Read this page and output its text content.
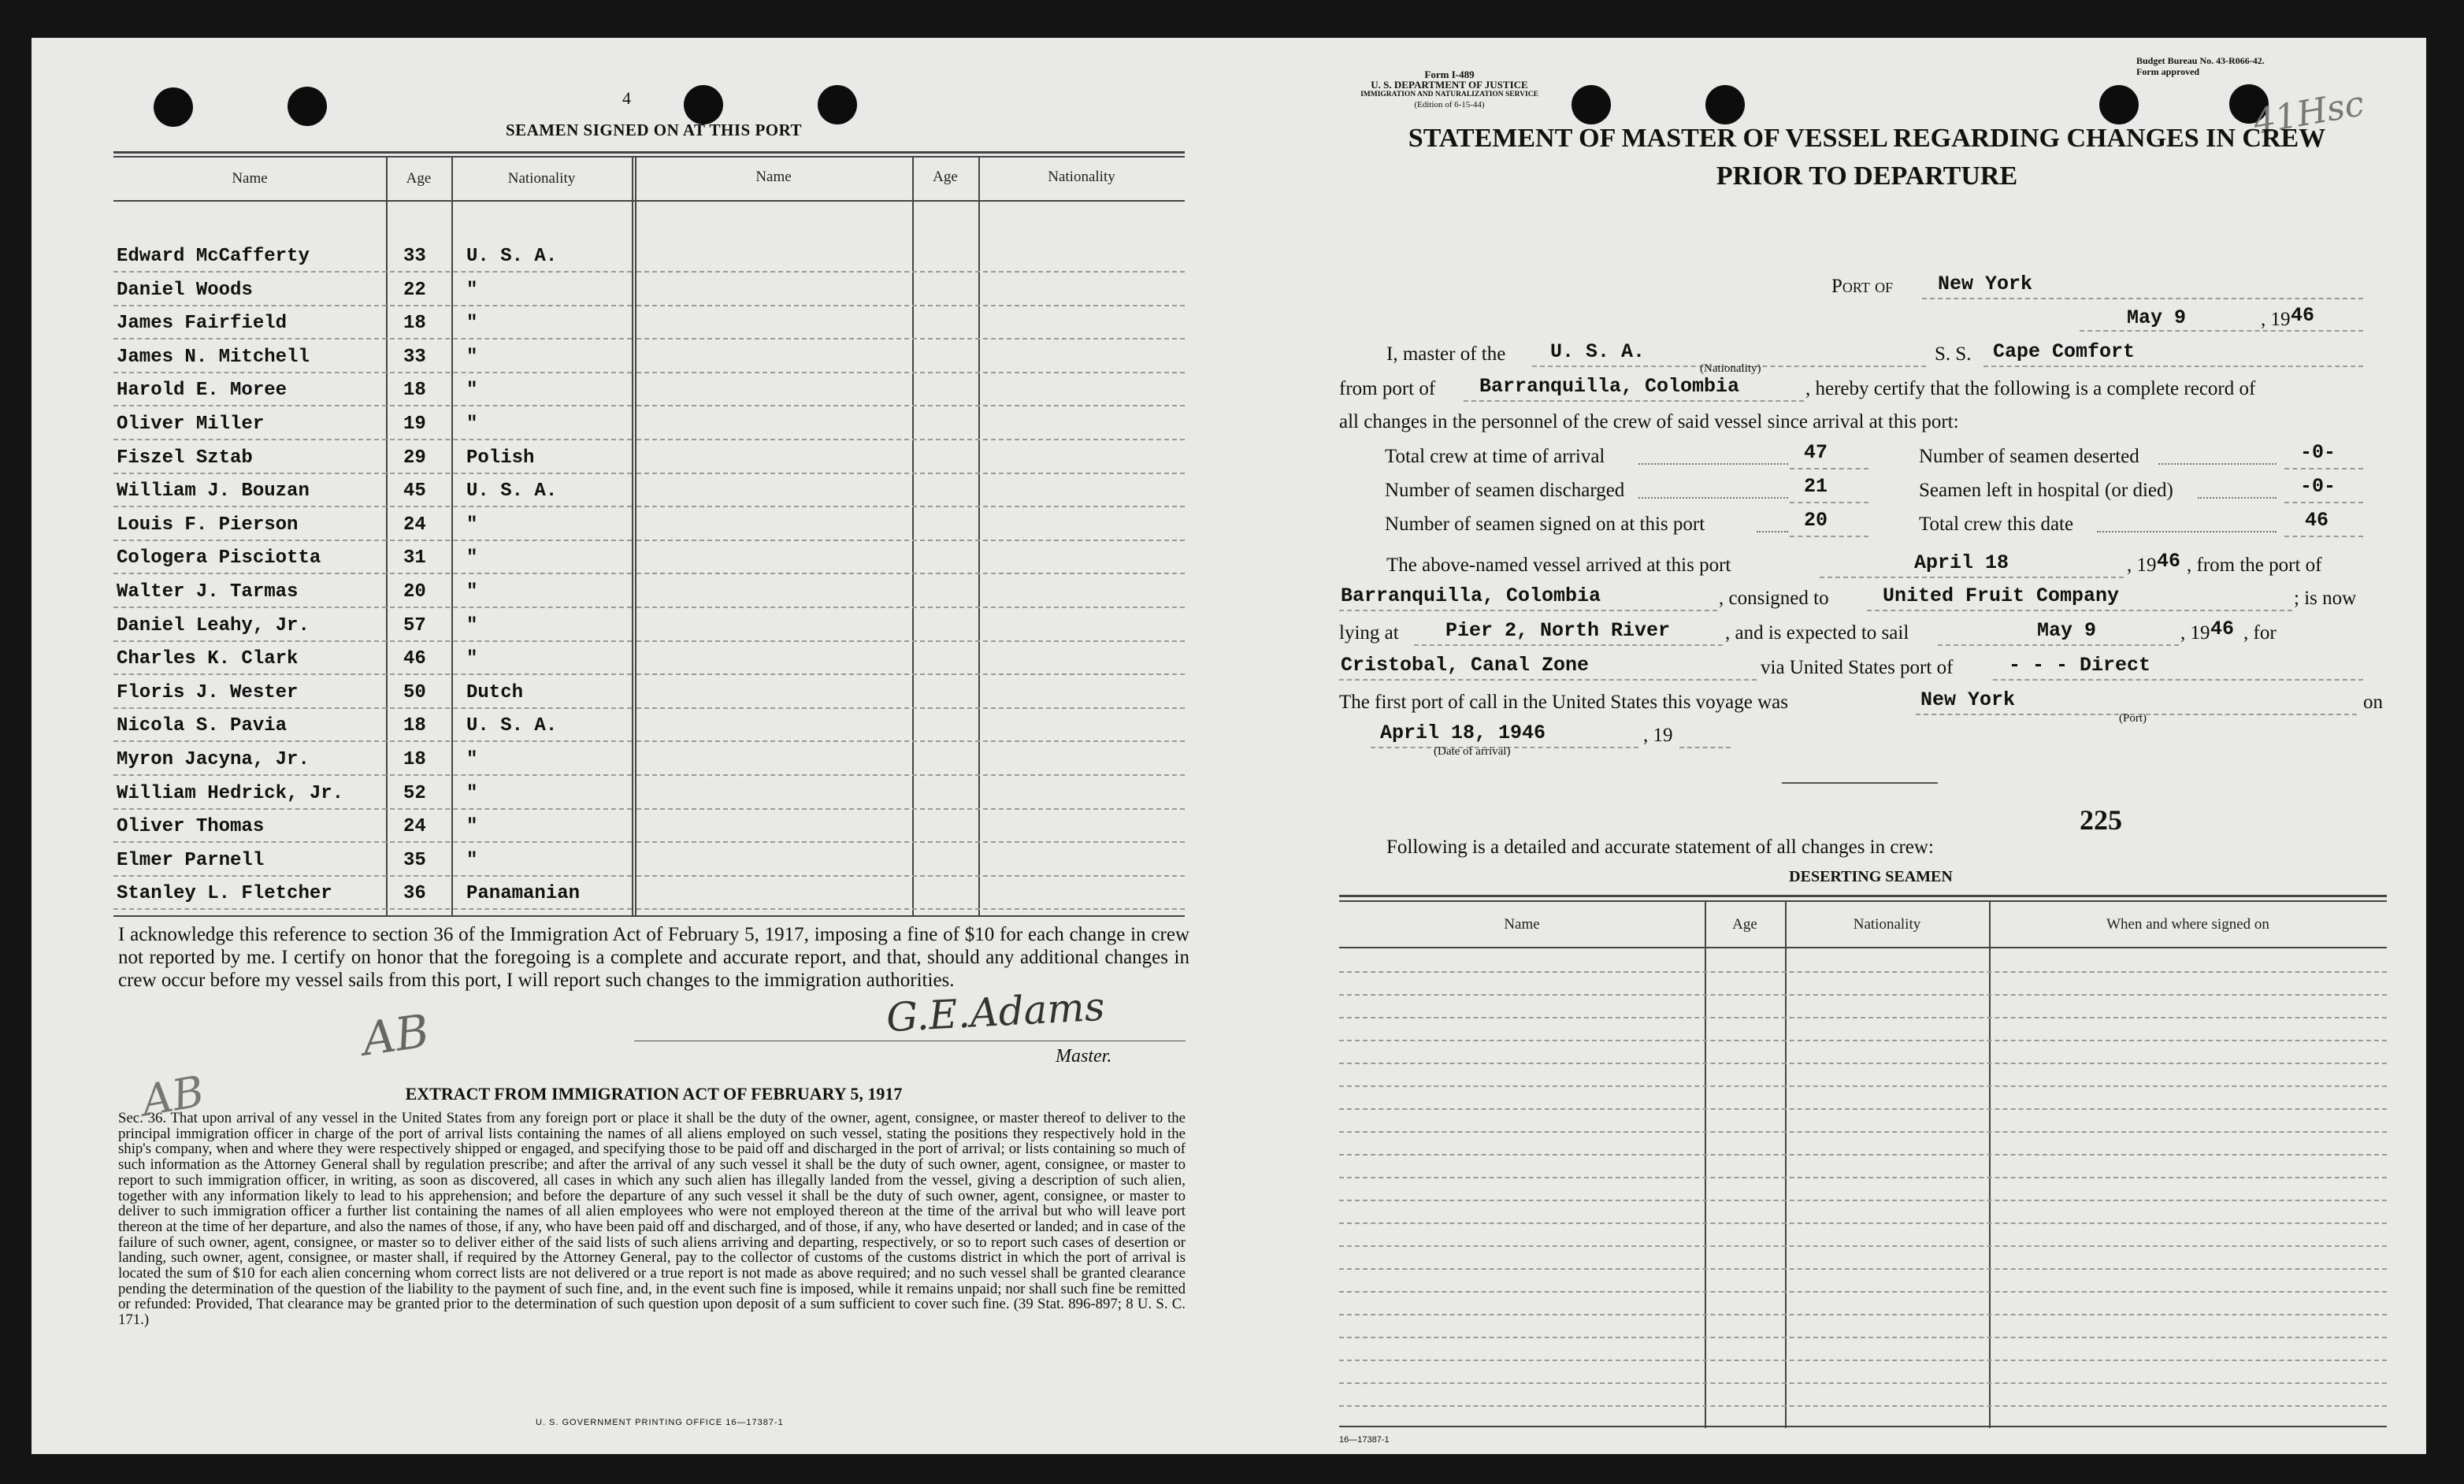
4
SEAMEN SIGNED ON AT THIS PORT
Name	Age	Nationality	Name	Age	Nationality
Edward McCafferty	33 U. S. A.
Daniel Woods	22 "
James Fairfield	18 "
James N. Mitchell	33 "
Harold E. Moree	18 "
Oliver Miller	19 "
Fiszel Sztab	29 Polish
William J. Bouzan	45 U. S. A.
Louis F. Pierson	24 "
Cologera Pisciotta	31 "
Walter J. Tarmas	20 "
Daniel Leahy, Jr.	57 "
Charles K. Clark	46 "
Floris J. Wester	50 Dutch
Nicola S. Pavia	18 U. S. A.
Myron Jacyna, Jr.	18 "
William Hedrick, Jr.	52 "
Oliver Thomas	24 "
Elmer Parnell	35 "
Stanley L. Fletcher	36 Panamanian
I acknowledge this reference to section 36 of the Immigration Act of February 5, 1917, imposing a fine of $10 for each change in crew not reported by me. I certify on honor that the foregoing is a complete and accurate report, and that, should any additional changes in crew occur before my vessel sails from this port, I will report such changes to the immigration authorities.
G.E.Adams
Master.
AB
AB	EXTRACT FROM IMMIGRATION ACT OF FEBRUARY 5, 1917
Sec. 36. That upon arrival of any vessel in the United States from any foreign port or place it shall be the duty of the owner, agent, consignee, or master thereof to deliver to the principal immigration officer in charge of the port of arrival lists containing the names of all aliens employed on such vessel, stating the positions they respectively hold in the ship's company, when and where they were respectively shipped or engaged, and specifying those to be paid off and discharged in the port of arrival; or lists containing so much of such information as the Attorney General shall by regulation prescribe; and after the arrival of any such vessel it shall be the duty of such owner, agent, consignee, or master to report to such immigration officer, in writing, as soon as discovered, all cases in which any such alien has illegally landed from the vessel, giving a description of such alien, together with any information likely to lead to his apprehension; and before the departure of any such vessel it shall be the duty of such owner, agent, consignee, or master to deliver to such immigration officer a further list containing the names of all alien employees who were not employed thereon at the time of the arrival but who will leave port thereon at the time of her departure, and also the names of those, if any, who have been paid off and discharged, and of those, if any, who have deserted or landed; and in case of the failure of such owner, agent, consignee, or master so to deliver either of the said lists of such aliens arriving and departing, respectively, or so to report such cases of desertion or landing, such owner, agent, consignee, or master shall, if required by the Attorney General, pay to the collector of customs of the customs district in which the port of arrival is located the sum of $10 for each alien concerning whom correct lists are not delivered or a true report is not made as above required; and no such vessel shall be granted clearance pending the determination of the question of the liability to the payment of such fine, and, in the event such fine is imposed, while it remains unpaid; nor shall such fine be remitted or refunded: Provided, That clearance may be granted prior to the determination of such question upon deposit of a sum sufficient to cover such fine. (39 Stat. 896-897; 8 U. S. C. 171.)
U. S. GOVERNMENT PRINTING OFFICE 16—17387-1
Form I-489
U. S. DEPARTMENT OF JUSTICE
IMMIGRATION AND NATURALIZATION SERVICE
(Edition of 6-15-44)
Budget Bureau No. 43-R066-42.
Form approved
41Hsc
STATEMENT OF MASTER OF VESSEL REGARDING CHANGES IN CREW
PRIOR TO DEPARTURE
Port of New York
May 9	, 19 46
I, master of the U. S. A.
(Nationality)
S. S. Cape Comfort
from port of Barranquilla, Colombia	, hereby certify that the following is a complete record of
all changes in the personnel of the crew of said vessel since arrival at this port:
Total crew at time of arrival	47
Number of seamen discharged	21
Number of seamen signed on at this port	20
Number of seamen deserted	-0-
Seamen left in hospital (or died)	-0-
Total crew this date	46
The above-named vessel arrived at this port	April 18	, 19 46 , from the port of
Barranquilla, Colombia	, consigned to	United Fruit Company	; is now
lying at Pier 2, North River	, and is expected to sail	May 9	, 19 46 , for
Cristobal, Canal Zone	via United States port of	- - - Direct
The first port of call in the United States this voyage was	New York
(Port)
on
April 18, 1946
(Date of arrival)
, 19
225
Following is a detailed and accurate statement of all changes in crew:
DESERTING SEAMEN
Name	Age	Nationality	When and where signed on
16—17387-1
